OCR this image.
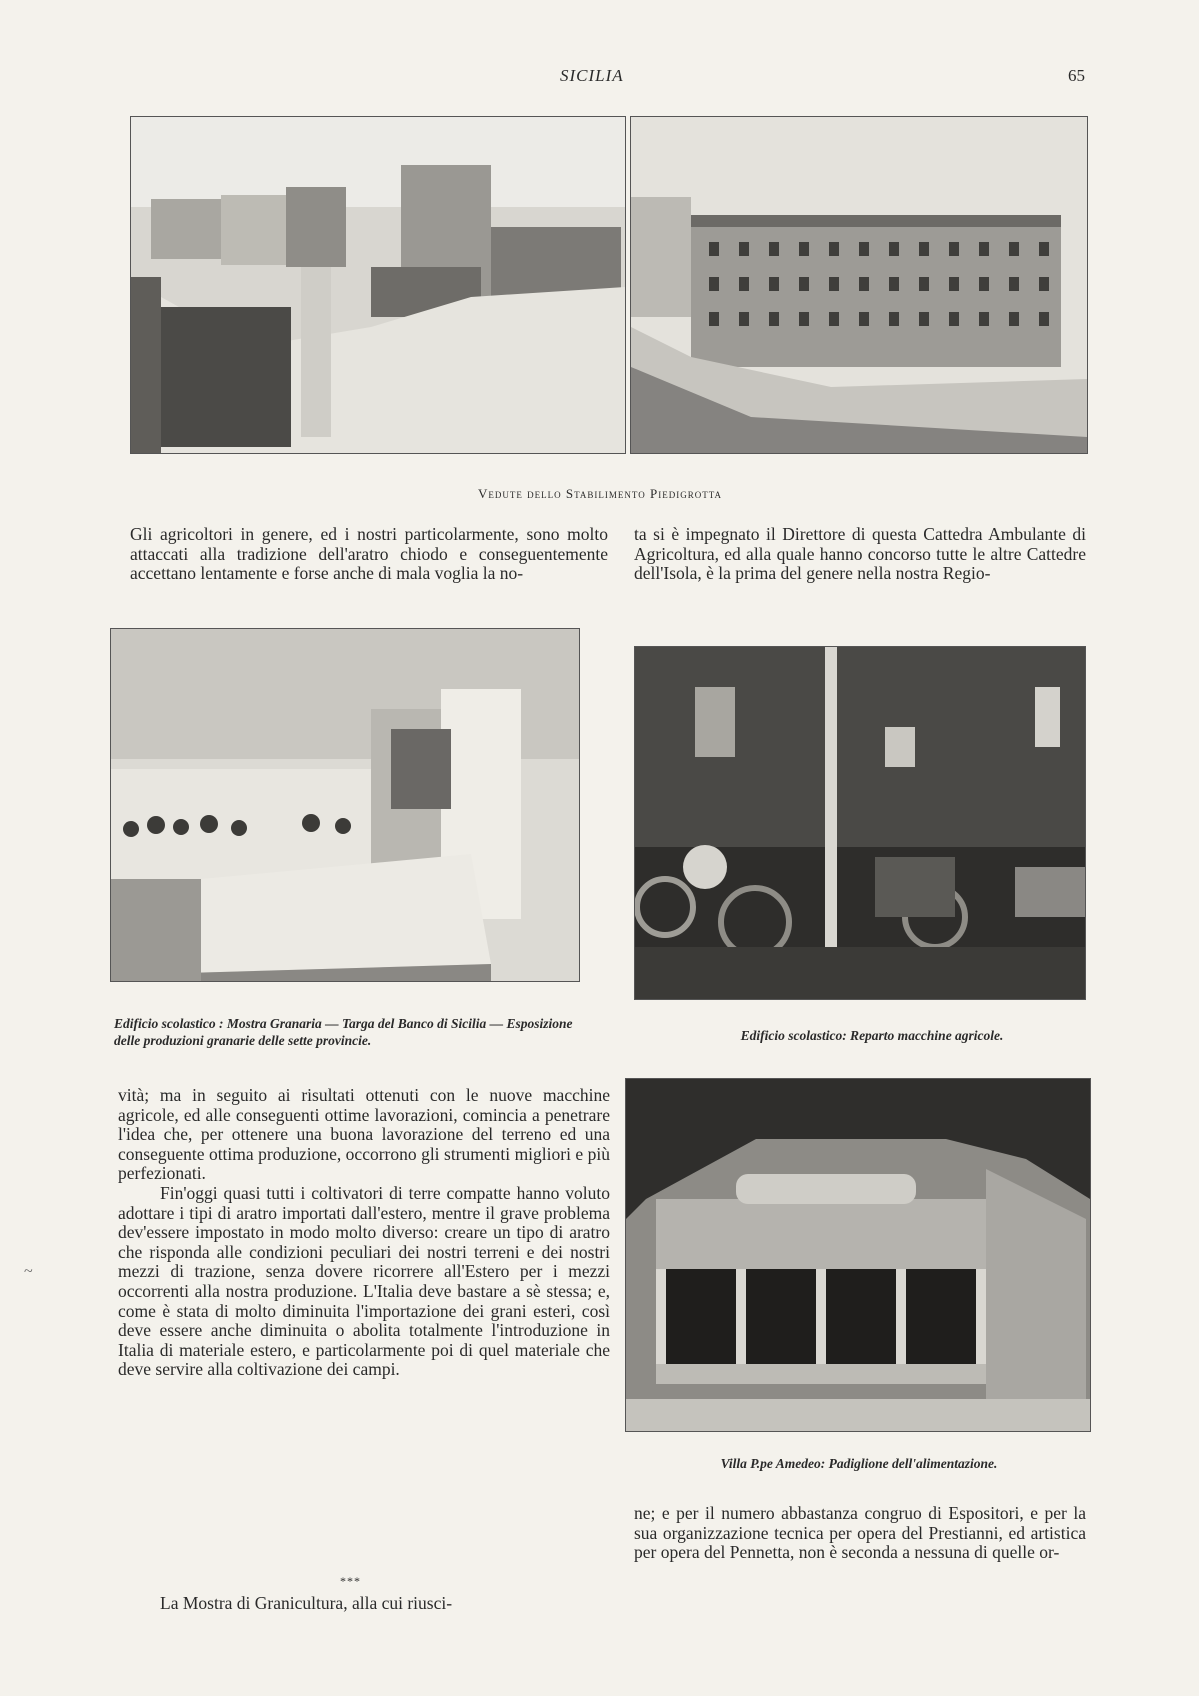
SICILIA	65
Vedute dello Stabilimento Piedigrotta

Gli agricoltori in genere, ed i nostri particolarmente, sono molto attaccati alla tradizione dell'aratro chiodo e conseguentemente accettano lentamente e forse anche di mala voglia la no-

ta si è impegnato il Direttore di questa Cattedra Ambulante di Agricoltura, ed alla quale hanno concorso tutte le altre Cattedre dell'Isola, è la prima del genere nella nostra Regio-

Edificio scolastico : Mostra Granaria — Targa del Banco di Sicilia — Esposizione delle produzioni granarie delle sette provincie.	Edificio scolastico: Reparto macchine agricole.

vità; ma in seguito ai risultati ottenuti con le nuove macchine agricole, ed alle conseguenti ottime lavorazioni, comincia a penetrare l'idea che, per ottenere una buona lavorazione del terreno ed una conseguente ottima produzione, occorrono gli strumenti migliori e più perfezionati.

Fin'oggi quasi tutti i coltivatori di terre compatte hanno voluto adottare i tipi di aratro importati dall'estero, mentre il grave problema dev'essere impostato in modo molto diverso: creare un tipo di aratro che risponda alle condizioni peculiari dei nostri terreni e dei nostri mezzi di trazione, senza dovere ricorrere all'Estero per i mezzi occorrenti alla nostra produzione. L'Italia deve bastare a sè stessa; e, come è stata di molto diminuita l'importazione dei grani esteri, così deve essere anche diminuita o abolita totalmente l'introduzione in Italia di materiale estero, e particolarmente poi di quel materiale che deve servire alla coltivazione dei campi.

***

La Mostra di Granicultura, alla cui riusci-

Villa P.pe Amedeo: Padiglione dell'alimentazione.

ne; e per il numero abbastanza congruo di Espositori, e per la sua organizzazione tecnica per opera del Prestianni, ed artistica per opera del Pennetta, non è seconda a nessuna di quelle or-

~
